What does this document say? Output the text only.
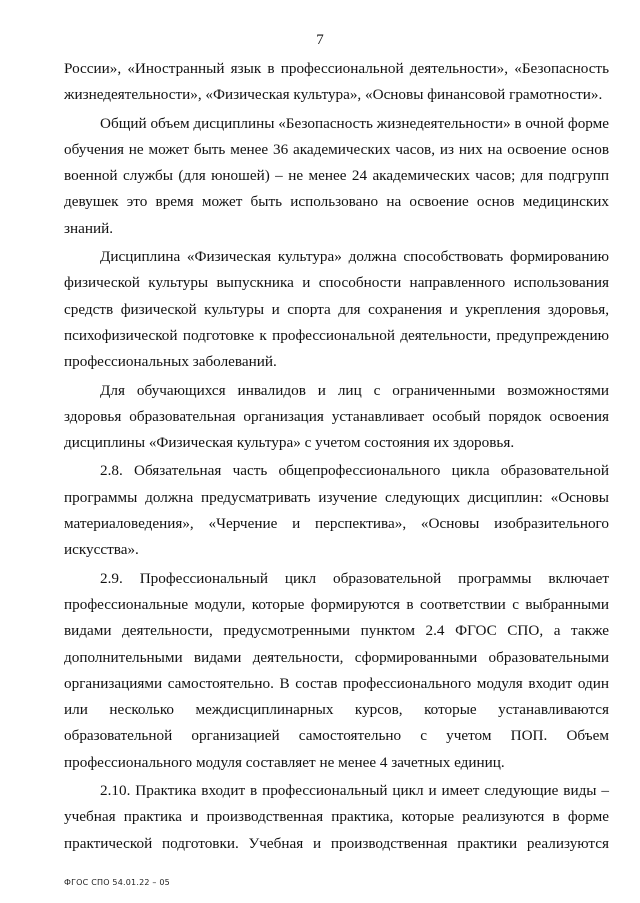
7

России», «Иностранный язык в профессиональной деятельности», «Безопасность жизнедеятельности», «Физическая культура», «Основы финансовой грамотности».

Общий объем дисциплины «Безопасность жизнедеятельности» в очной форме обучения не может быть менее 36 академических часов, из них на освоение основ военной службы (для юношей) – не менее 24 академических часов; для подгрупп девушек это время может быть использовано на освоение основ медицинских знаний.

Дисциплина «Физическая культура» должна способствовать формированию физической культуры выпускника и способности направленного использования средств физической культуры и спорта для сохранения и укрепления здоровья, психофизической подготовке к профессиональной деятельности, предупреждению профессиональных заболеваний.

Для обучающихся инвалидов и лиц с ограниченными возможностями здоровья образовательная организация устанавливает особый порядок освоения дисциплины «Физическая культура» с учетом состояния их здоровья.

2.8. Обязательная часть общепрофессионального цикла образовательной программы должна предусматривать изучение следующих дисциплин: «Основы материаловедения», «Черчение и перспектива», «Основы изобразительного искусства».

2.9. Профессиональный цикл образовательной программы включает профессиональные модули, которые формируются в соответствии с выбранными видами деятельности, предусмотренными пунктом 2.4 ФГОС СПО, а также дополнительными видами деятельности, сформированными образовательными организациями самостоятельно. В состав профессионального модуля входит один или несколько междисциплинарных курсов, которые устанавливаются образовательной организацией самостоятельно с учетом ПОП. Объем профессионального модуля составляет не менее 4 зачетных единиц.

2.10. Практика входит в профессиональный цикл и имеет следующие виды – учебная практика и производственная практика, которые реализуются в форме практической подготовки. Учебная и производственная практики реализуются

ФГОС СПО 54.01.22 – 05
